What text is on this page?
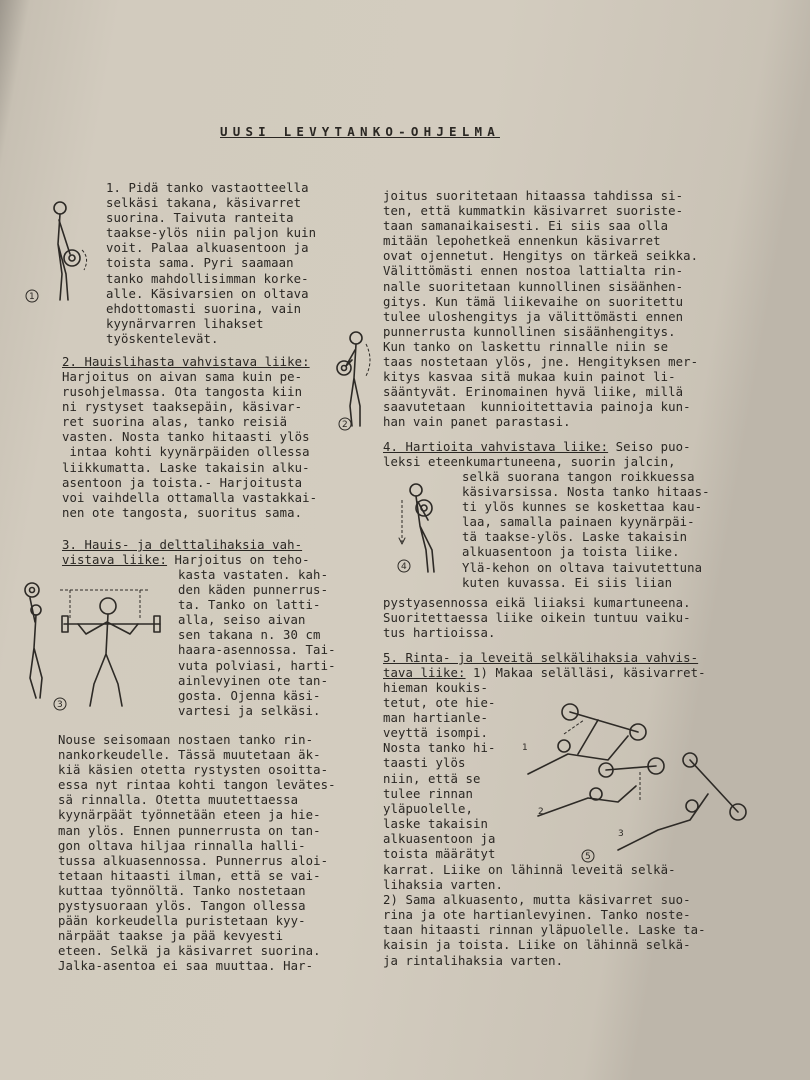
UUSI LEVYTANKO-OHJELMA
1. Pidä tanko vastaotteella
selkäsi takana, käsivarret
suorina. Taivuta ranteita
taakse-ylös niin paljon kuin
voit. Palaa alkuasentoon ja
toista sama. Pyri saamaan
tanko mahdollisimman korke-
alle. Käsivarsien on oltava
ehdottomasti suorina, vain
kyynärvarren lihakset
työskentelevät.
2. Hauislihasta vahvistava liike:
Harjoitus on aivan sama kuin pe-
rusohjelmassa. Ota tangosta kiin
ni rystyset taaksepäin, käsivar-
ret suorina alas, tanko reisiä
vasten. Nosta tanko hitaasti ylös
intaa kohti kyynärpäiden ollessa
liikkumatta. Laske takaisin alku-
asentoon ja toista.- Harjoitusta
voi vaihdella ottamalla vastakkai-
nen ote tangosta, suoritus sama.
3. Hauis- ja delttalihaksia vah-
vistava liike: Harjoitus on teho-
kasta vastaten. kah-
den käden punnerrus-
ta. Tanko on latti-
alla, seiso aivan
sen takana n. 30 cm
haara-asennossa. Tai-
vuta polviasi, harti-
ainlevyinen ote tan-
gosta. Ojenna käsi-
vartesi ja selkäsi.
Nouse seisomaan nostaen tanko rin-
nankorkeudelle. Tässä muutetaan äk-
kiä käsien otetta rystysten osoitta-
essa nyt rintaa kohti tangon levätes-
sä rinnalla. Otetta muutettaessa
kyynärpäät työnnetään eteen ja hie-
man ylös. Ennen punnerrusta on tan-
gon oltava hiljaa rinnalla halli-
tussa alkuasennossa. Punnerrus aloi-
tetaan hitaasti ilman, että se vai-
kuttaa työnnöltä. Tanko nostetaan
pystysuoraan ylös. Tangon ollessa
pään korkeudella puristetaan kyy-
närpäät taakse ja pää kevyesti
eteen. Selkä ja käsivarret suorina.
Jalka-asentoa ei saa muuttaa. Har-
joitus suoritetaan hitaassa tahdissa si-
ten, että kummatkin käsivarret suoriste-
taan samanaikaisesti. Ei siis saa olla
mitään lepohetkeä ennenkun käsivarret
ovat ojennetut. Hengitys on tärkeä seikka.
Välittömästi ennen nostoa lattialta rin-
nalle suoritetaan kunnollinen sisäänhen-
gitys. Kun tämä liikevaihe on suoritettu
tulee uloshengitys ja välittömästi ennen
punnerrusta kunnollinen sisäänhengitys.
Kun tanko on laskettu rinnalle niin se
taas nostetaan ylös, jne. Hengityksen mer-
kitys kasvaa sitä mukaa kuin painot li-
sääntyvät. Erinomainen hyvä liike, millä
saavutetaan  kunnioitettavia painoja kun-
han vain panet parastasi.
4. Hartioita vahvistava liike: Seiso puo-
leksi eteenkumartuneena, suorin jalcin,
selkä suorana tangon roikkuessa
käsivarsissa. Nosta tanko hitaas-
ti ylös kunnes se koskettaa kau-
laa, samalla painaen kyynärpäi-
tä taakse-ylös. Laske takaisin
alkuasentoon ja toista liike.
Ylä-kehon on oltava taivutettuna
kuten kuvassa. Ei siis liian
pystyasennossa eikä liiaksi kumartuneena.
Suoritettaessa liike oikein tuntuu vaiku-
tus hartioissa.
5. Rinta- ja leveitä selkälihaksia vahvis-
tava liike: 1) Makaa selälläsi, käsivarret-
hieman koukis-
tetut, ote hie-
man hartianle-
veyttä isompi.
Nosta tanko hi-
taasti ylös
niin, että se
tulee rinnan
yläpuolelle,
laske takaisin
alkuasentoon ja
toista määrätyt
karrat. Liike on lähinnä leveitä selkä-
lihaksia varten.
2) Sama alkuasento, mutta käsivarret suo-
rina ja ote hartianlevyinen. Tanko noste-
taan hitaasti rinnan yläpuolelle. Laske ta-
kaisin ja toista. Liike on lähinnä selkä-
ja rintalihaksia varten.
1
2
3
4
1
2
3
5
